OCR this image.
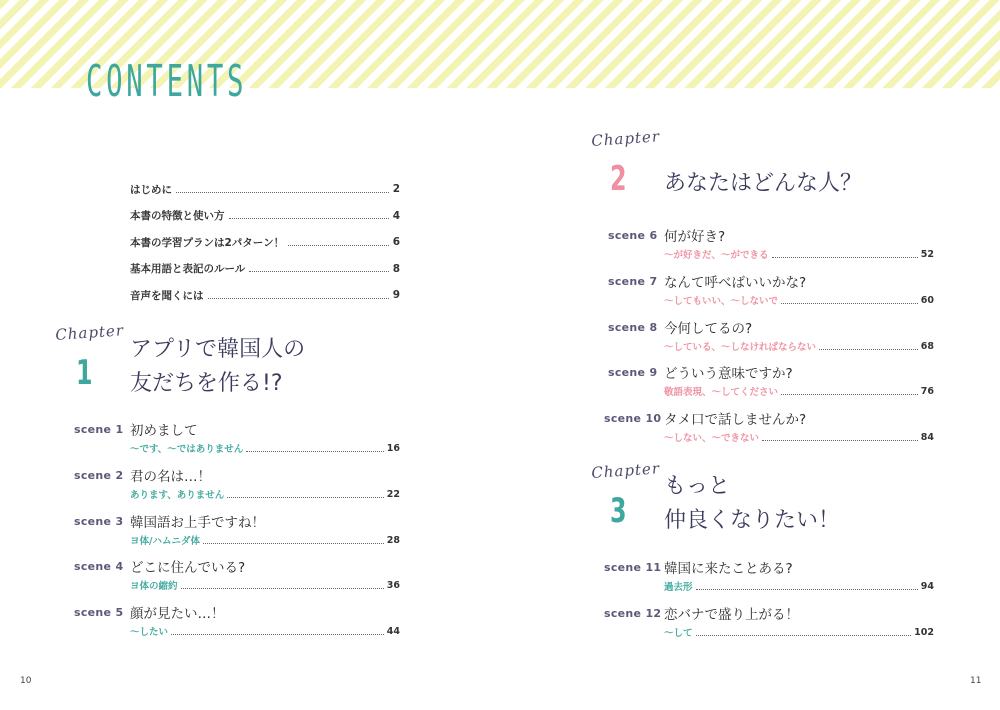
CONTENTS
はじめに	2
本書の特徴と使い方	4
本書の学習プランは2パターン！	6
基本用語と表記のルール	8
音声を聞くには	9
Chapter
1
アプリで韓国人の
友だちを作る!?
scene 1 初めまして
〜です、〜ではありません	16
scene 2 君の名は…！
あります、ありません	22
scene 3 韓国語お上手ですね！
ヨ体/ハムニダ体	28
scene 4 どこに住んでいる?
ヨ体の縮約	36
scene 5 顔が見たい…！
〜したい	44
Chapter
2 あなたはどんな人？
scene 6 何が好き?
〜が好きだ、〜ができる	52
scene 7 なんて呼べばいいかな?
〜してもいい、〜しないで	60
scene 8 今何してるの?
〜している、〜しなければならない	68
scene 9 どういう意味ですか?
敬語表現、〜してください	76
scene 10 タメ口で話しませんか?
〜しない、〜できない	84
Chapter
3
もっと
仲良くなりたい！
scene 11 韓国に来たことある?
過去形	94
scene 12 恋バナで盛り上がる！
〜して	102
10	11
